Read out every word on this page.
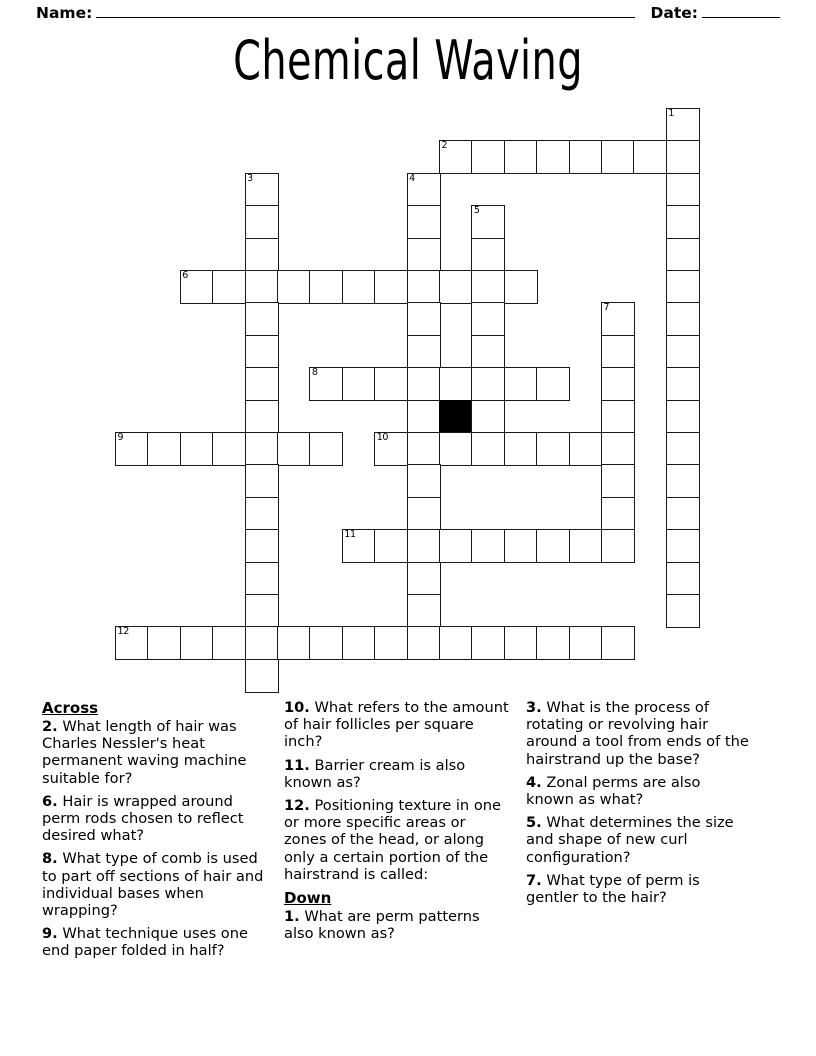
Name:	Date:
Chemical Waving
1
2
3	4
5
6
7
8
9	10
11
12
Across
2. What length of hair was Charles Nessler's heat permanent waving machine suitable for?
6. Hair is wrapped around perm rods chosen to reflect desired what?
8. What type of comb is used to part off sections of hair and individual bases when wrapping?
9. What technique uses one end paper folded in half?
10. What refers to the amount of hair follicles per square inch?
11. Barrier cream is also known as?
12. Positioning texture in one or more specific areas or zones of the head, or along only a certain portion of the hairstrand is called:
Down
1. What are perm patterns also known as?
3. What is the process of rotating or revolving hair around a tool from ends of the hairstrand up the base?
4. Zonal perms are also known as what?
5. What determines the size and shape of new curl configuration?
7. What type of perm is gentler to the hair?
